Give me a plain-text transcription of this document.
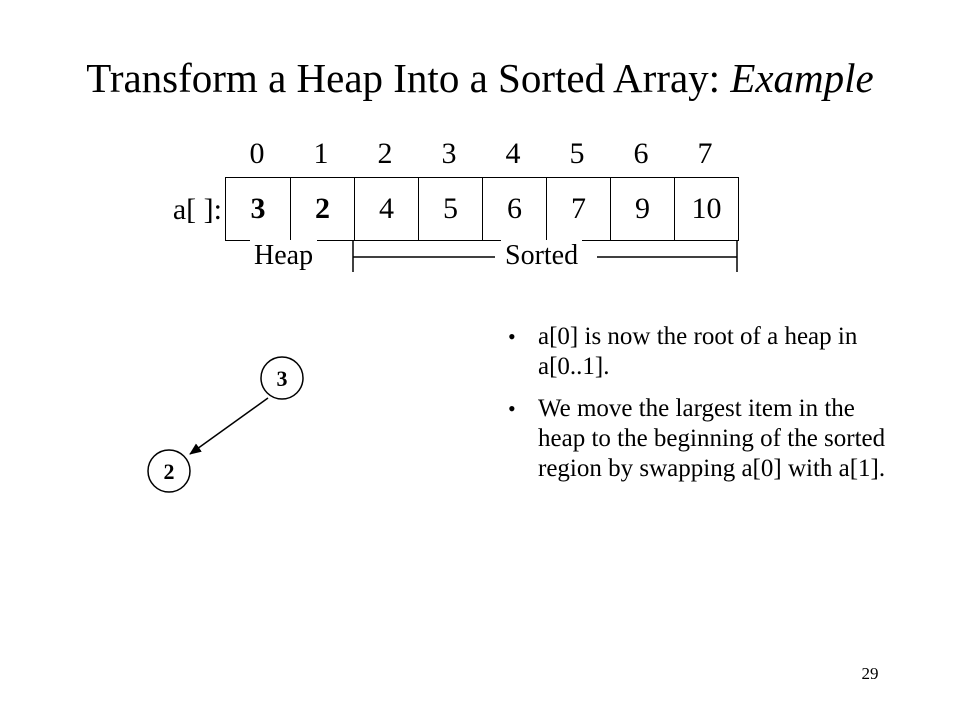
Transform a Heap Into a Sorted Array: Example
0	1	2	3	4	5	6	7
a[ ]: 3	2	4	5	6	7	9	10
3
2
Heap	Sorted
• a[0] is now the root of a heap in a[0..1].
• We move the largest item in the heap to the beginning of the sorted region by swapping a[0] with a[1].
29
